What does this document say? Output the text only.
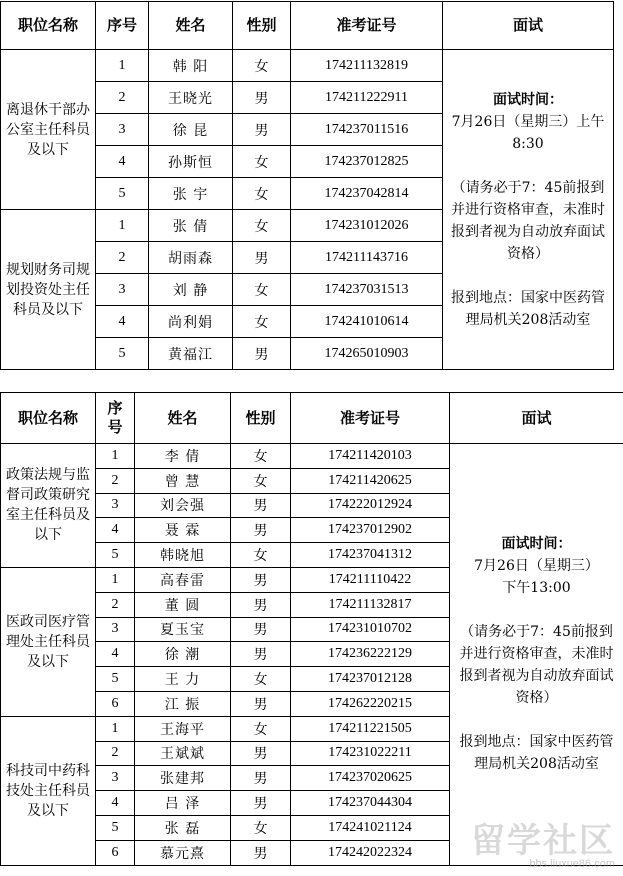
职位名称	序号	姓名	性别	准考证号	面试
离退休干部办公室主任科员及以下	1	韩 阳	女	174211132819	面试时间：

7月26日（星期三）上午8:30

（请务必于7：45前报到并进行资格审查，未准时报到者视为自动放弃面试资格）

报到地点：国家中医药管理局机关208活动室

	2	王晓光	男	174211222911	
	3	徐 昆	男	174237011516	
	4	孙斯恒	女	174237012825	
	5	张 宇	女	174237042814	
规划财务司规划投资处主任科员及以下	1	张 倩	女	174231012026	
	2	胡雨森	男	174211143716	
	3	刘 静	女	174237031513	
	4	尚利娟	女	174241010614	
	5	黄福江	男	174265010903	
职位名称	序号	姓名	性别	准考证号	面试
政策法规与监督司政策研究室主任科员及以下	1	李 倩	女	174211420103	面试时间：

7月26日（星期三）

下午13:00

（请务必于7：45前报到并进行资格审查，未准时报到者视为自动放弃面试资格）

报到地点：国家中医药管理局机关208活动室

	2	曾 慧	女	174211420625	
	3	刘会强	男	174222012924	
	4	聂 霖	男	174237012902	
	5	韩晓旭	女	174237041312	
医政司医疗管理处主任科员及以下	1	高春雷	男	174211110422	
	2	董 圆	男	174211132817	
	3	夏玉宝	男	174231010702	
	4	徐 潮	男	174236222129	
	5	王 力	女	174237012128	
	6	江 振	男	174262220215	
科技司中药科技处主任科员及以下	1	王海平	女	174211221505	
	2	王斌斌	男	174231022211	
	3	张建邦	男	174237020625	
	4	吕 泽	男	174237044304	
	5	张 磊	女	174241021124	
	6	慕元熹	男	174242022324	留学社区
bbs.liuxue86.com
